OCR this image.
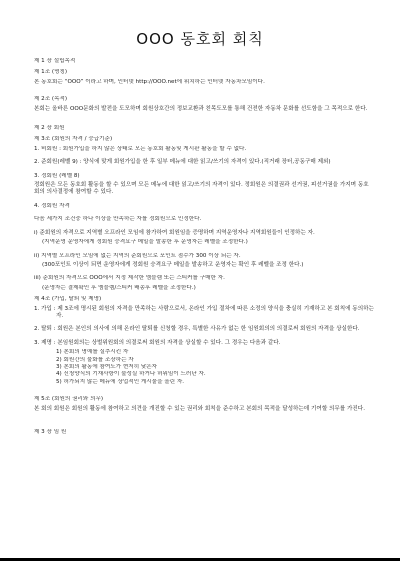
OOO 동호회 회칙
제 1 장 설립목적
제 1조 (명칭)
본 동호회는 “OOO” 이라고 하며, 인터넷 http://OOO.net에 위치하는 인터넷 자동차모임이다.
제 2조 (목적)
본회는 올바른 OOO문화의 발전을 도모하며 회원상호간의 정보교환과 친목도모를 통해 건전한 자동차 문화를 선도함을 그 목적으로 한다.
제 2 장 회원
제 3조 (회원의 자격 / 승급기준)
1. 비회원 : 회원가입을 하지 않은 상태로 모든 동호회 활동및 게시판 활동을 할 수 없다.
2. 준회원(레벨 9) : 양식에 맞게 회원가입을 한 후 일부 메뉴에 대한 읽고/쓰기의 자격이 있다.(직거래 장터,공동구매 제외)
3. 정회원 (레벨 8)
정회원은 모든 동호회 활동을 할 수 있으며 모든 메뉴에 대한 읽고/쓰기의 자격이 있다. 정회원은 의결권과 선거권, 피선거권을 가지며 동호회의 의사결정에 참여할 수 있다.
4. 정회원 자격
다음 세가지 조건중 하나 이상을 만족하는 자를 정회원으로 인정한다.
i) 준회원의 자격으로 지역별 오프라인 모임에 참가하여 회원임을 증명하며 지역운영자나 지역회원들이 인정하는 자.
(지역운영 운영자에게 정회원 승격요구 메일을 발송한 후 운영자는 레벨을 조정한다.)
ii) 지역별 오프라인 모임에 없는 지역의 준회원으로 포인트 점수가 300 이상 되는 자.
(300포인트 이상이 되면 운영자에게 정회원 승격요구 메일을 발송하고 운영자는 확인 후 레벨을 조정 한다.)
iii) 준회원의 자격으로 OOO에서 지정 제작한 엠블렘 또는 스티커를 구매한 자.
(운영자는 결제확인 후 엠블렘/스티커 배송후 레벨을 조정한다.)
제 4조 (가입, 탈퇴 및 제명)
1. 가입 : 제 3조에 명시된 회원의 자격을 만족하는 사람으로서, 온라인 가입 절차에 따른 소정의 양식을 충실히 기재하고 본 회칙에 동의하는 자.
2. 탈퇴 : 회원은 본인의 의사에 의해 온라인 탈퇴를 신청할 경우, 특별한 사유가 없는 한 임원회의의 의결로써 회원의 자격을 상실한다.
3. 제명 : 본임원회의는 상벌위원회의 의결로써 회원의 자격을 상실할 수 있다. 그 경우는 다음과 같다.
1) 본회의 명예를 실추시킨 자
2) 회원간의 불화를 조장하는 자
3) 본회의 활동에 참여도가 현저히 낮은자
4) 신청양식의 기재사항이 불성실 하거나 허위임이 드러난 자.
5) 허가되지 않는 메뉴에 상업적인 게시물을 올린 자.
제 5조 (회원의 권리와 의무)
본 회의 회원은 회원의 활동에 참여하고 의견을 개진할 수 있는 권리와 회칙을 준수하고 본회의 목적을 달성하는데 기여할 의무를 가진다.
제 3 장 임 원
